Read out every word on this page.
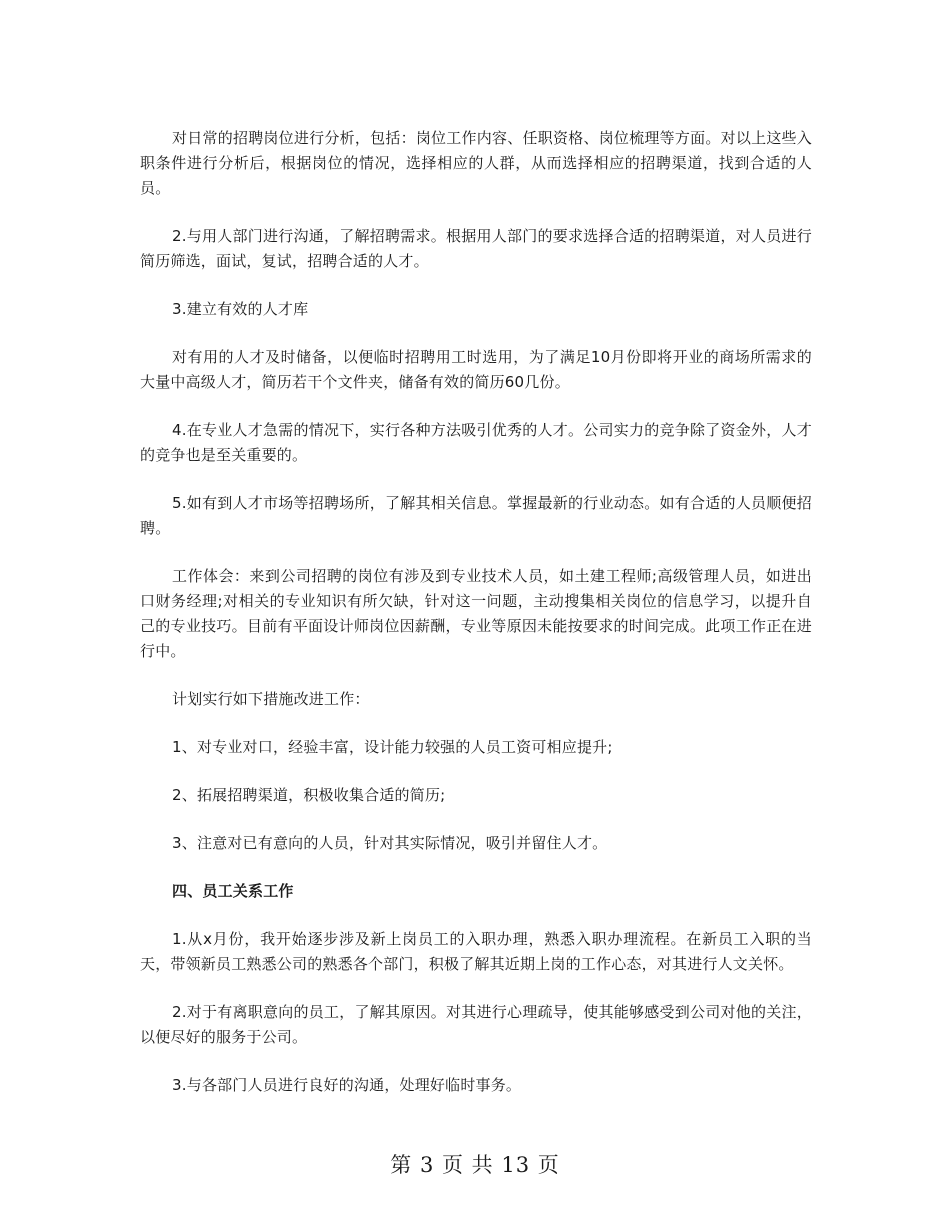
对日常的招聘岗位进行分析，包括：岗位工作内容、任职资格、岗位梳理等方面。对以上这些入职条件进行分析后，根据岗位的情况，选择相应的人群，从而选择相应的招聘渠道，找到合适的人员。

2.与用人部门进行沟通，了解招聘需求。根据用人部门的要求选择合适的招聘渠道，对人员进行简历筛选，面试，复试，招聘合适的人才。

3.建立有效的人才库

对有用的人才及时储备，以便临时招聘用工时选用，为了满足10月份即将开业的商场所需求的大量中高级人才，简历若干个文件夹，储备有效的简历60几份。

4.在专业人才急需的情况下，实行各种方法吸引优秀的人才。公司实力的竞争除了资金外，人才的竞争也是至关重要的。

5.如有到人才市场等招聘场所，了解其相关信息。掌握最新的行业动态。如有合适的人员顺便招聘。

工作体会：来到公司招聘的岗位有涉及到专业技术人员，如土建工程师;高级管理人员，如进出口财务经理;对相关的专业知识有所欠缺，针对这一问题，主动搜集相关岗位的信息学习，以提升自己的专业技巧。目前有平面设计师岗位因薪酬，专业等原因未能按要求的时间完成。此项工作正在进行中。

计划实行如下措施改进工作：

1、对专业对口，经验丰富，设计能力较强的人员工资可相应提升;

2、拓展招聘渠道，积极收集合适的简历;

3、注意对已有意向的人员，针对其实际情况，吸引并留住人才。

四、员工关系工作

1.从x月份，我开始逐步涉及新上岗员工的入职办理，熟悉入职办理流程。在新员工入职的当天，带领新员工熟悉公司的熟悉各个部门，积极了解其近期上岗的工作心态，对其进行人文关怀。

2.对于有离职意向的员工，了解其原因。对其进行心理疏导，使其能够感受到公司对他的关注，以便尽好的服务于公司。

3.与各部门人员进行良好的沟通，处理好临时事务。

第 3 页 共 13 页
